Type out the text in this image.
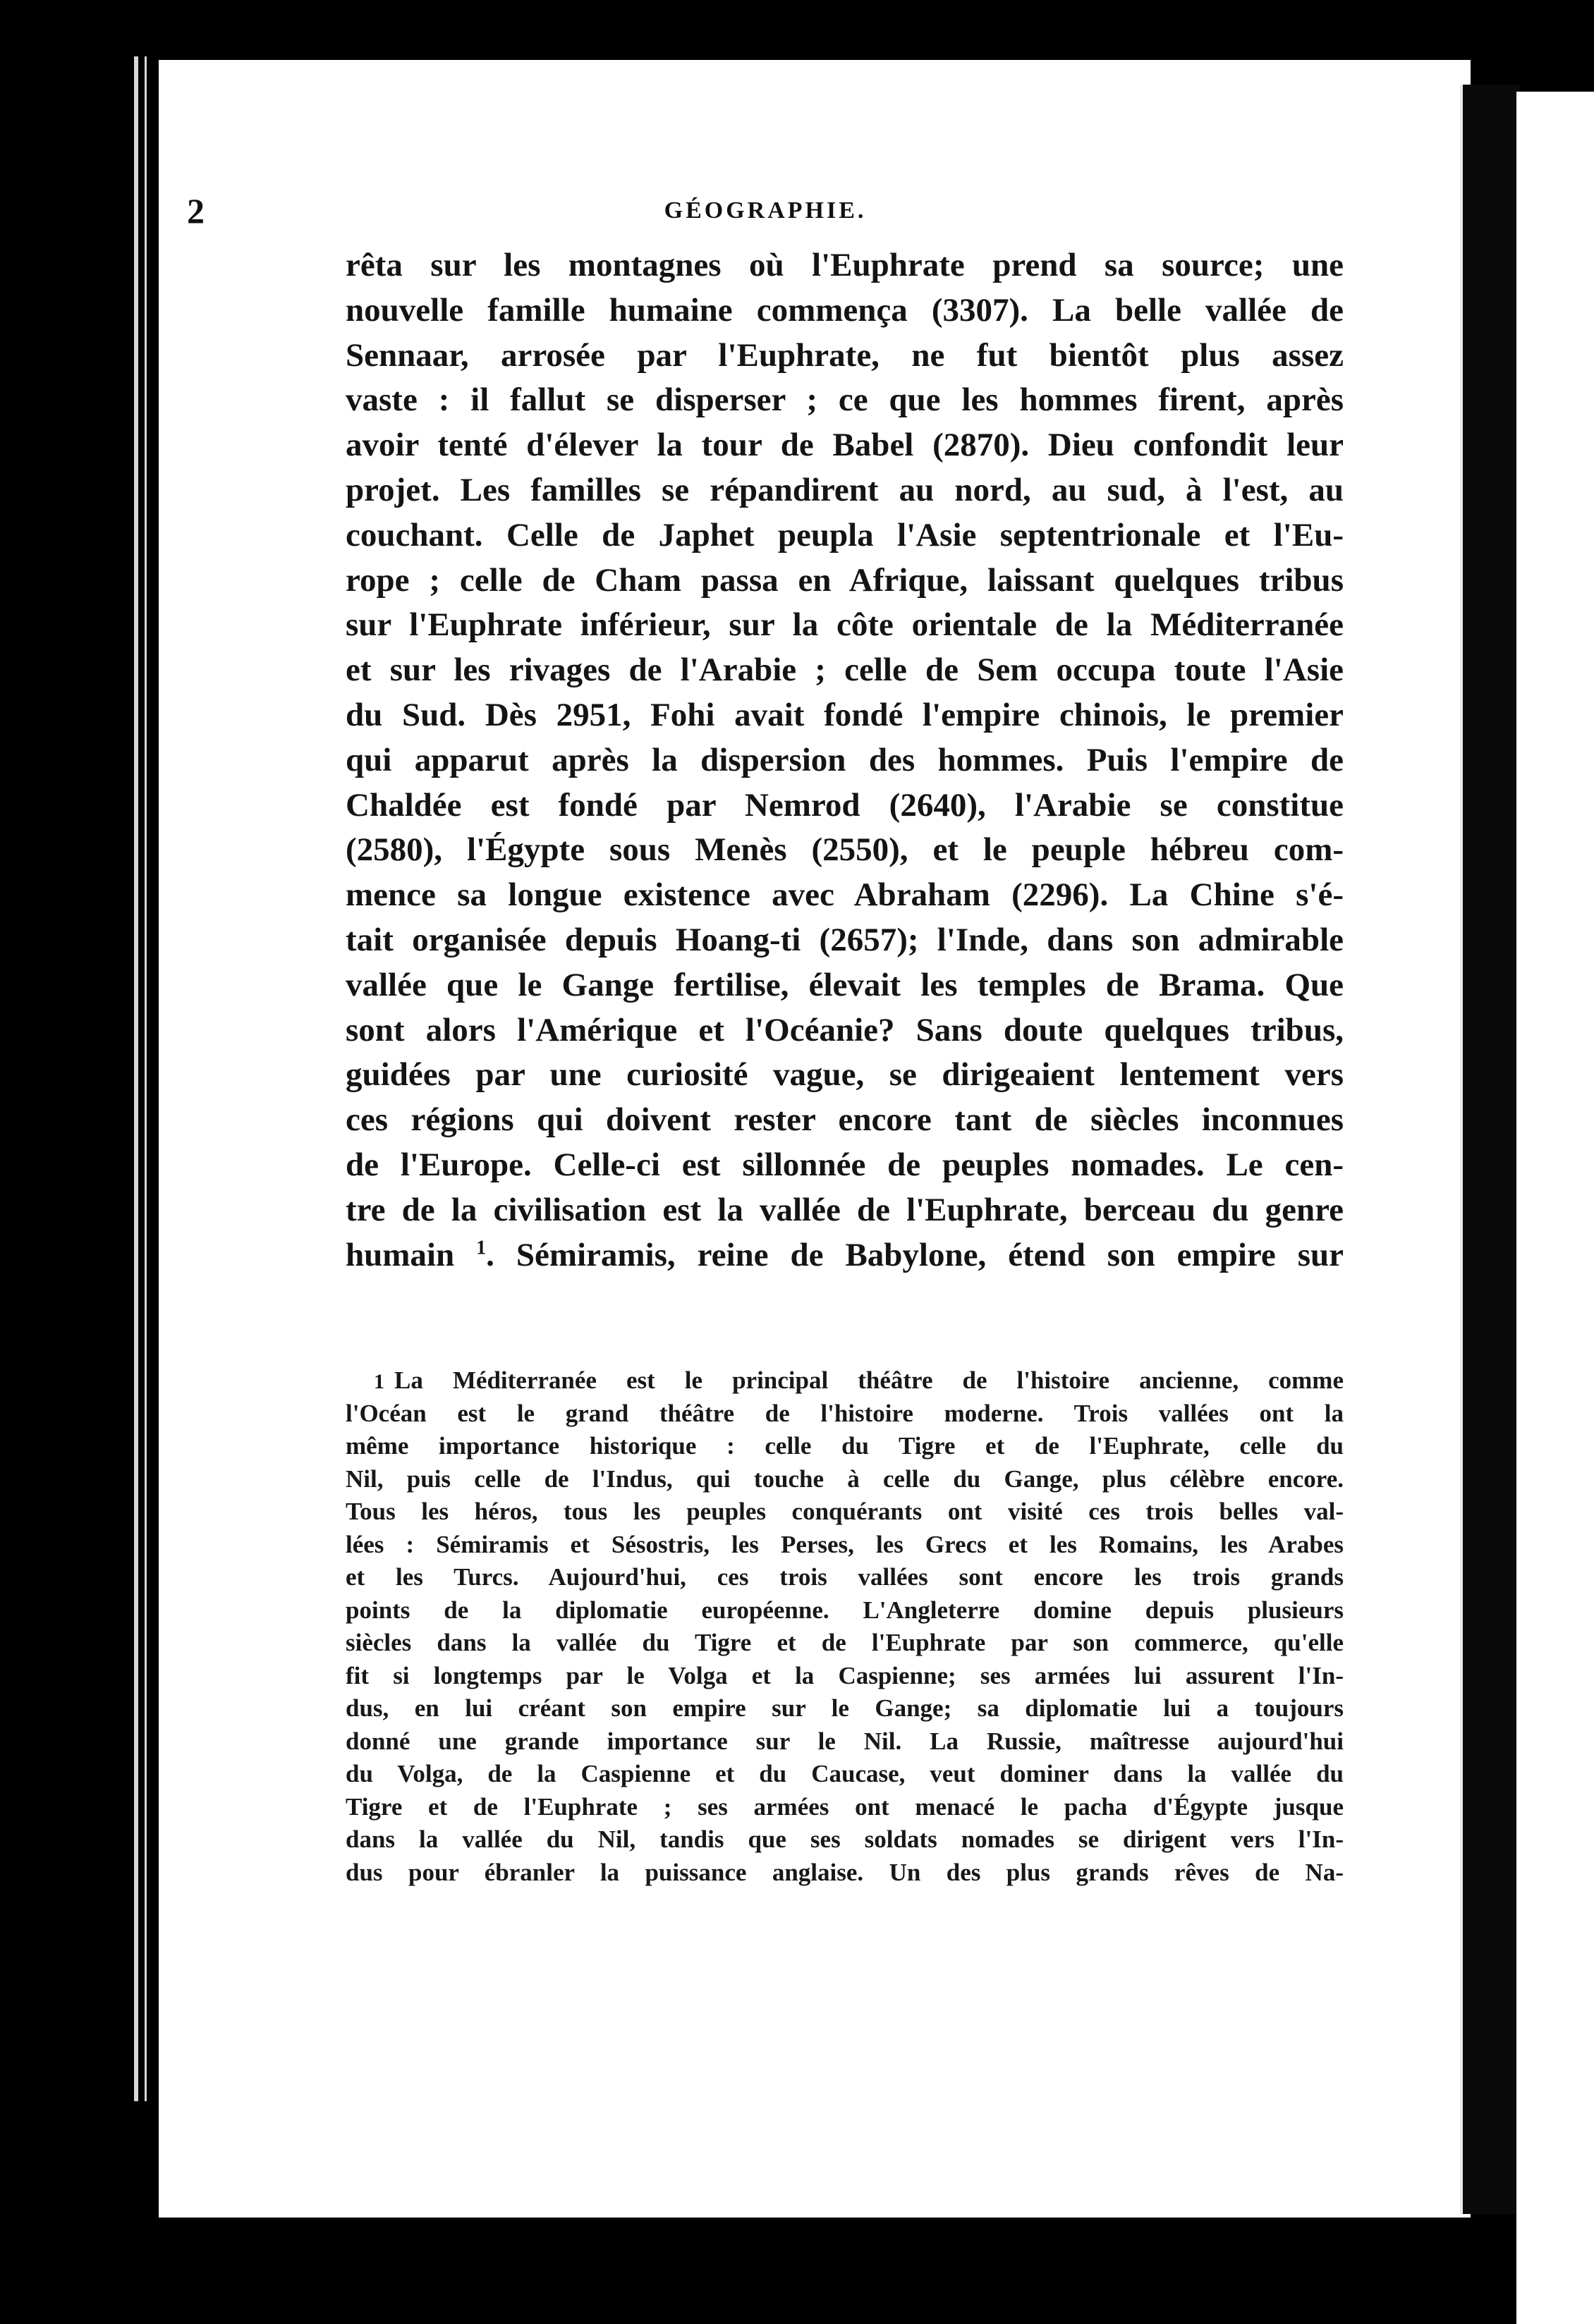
2	GÉOGRAPHIE.
rêta sur les montagnes où l'Euphrate prend sa source; une
nouvelle famille humaine commença (3307). La belle vallée de
Sennaar, arrosée par l'Euphrate, ne fut bientôt plus assez
vaste : il fallut se disperser ; ce que les hommes firent, après
avoir tenté d'élever la tour de Babel (2870). Dieu confondit leur
projet. Les familles se répandirent au nord, au sud, à l'est, au
couchant. Celle de Japhet peupla l'Asie septentrionale et l'Eu-
rope ; celle de Cham passa en Afrique, laissant quelques tribus
sur l'Euphrate inférieur, sur la côte orientale de la Méditerranée
et sur les rivages de l'Arabie ; celle de Sem occupa toute l'Asie
du Sud. Dès 2951, Fohi avait fondé l'empire chinois, le premier
qui apparut après la dispersion des hommes. Puis l'empire de
Chaldée est fondé par Nemrod (2640), l'Arabie se constitue
(2580), l'Égypte sous Menès (2550), et le peuple hébreu com-
mence sa longue existence avec Abraham (2296). La Chine s'é-
tait organisée depuis Hoang-ti (2657); l'Inde, dans son admirable
vallée que le Gange fertilise, élevait les temples de Brama. Que
sont alors l'Amérique et l'Océanie? Sans doute quelques tribus,
guidées par une curiosité vague, se dirigeaient lentement vers
ces régions qui doivent rester encore tant de siècles inconnues
de l'Europe. Celle-ci est sillonnée de peuples nomades. Le cen-
tre de la civilisation est la vallée de l'Euphrate, berceau du genre
humain $^1$. Sémiramis, reine de Babylone, étend son empire sur
1 La Méditerranée est le principal théâtre de l'histoire ancienne, comme
l'Océan est le grand théâtre de l'histoire moderne. Trois vallées ont la
même importance historique : celle du Tigre et de l'Euphrate, celle du
Nil, puis celle de l'Indus, qui touche à celle du Gange, plus célèbre encore.
Tous les héros, tous les peuples conquérants ont visité ces trois belles val-
lées : Sémiramis et Sésostris, les Perses, les Grecs et les Romains, les Arabes
et les Turcs. Aujourd'hui, ces trois vallées sont encore les trois grands
points de la diplomatie européenne. L'Angleterre domine depuis plusieurs
siècles dans la vallée du Tigre et de l'Euphrate par son commerce, qu'elle
fit si longtemps par le Volga et la Caspienne; ses armées lui assurent l'In-
dus, en lui créant son empire sur le Gange; sa diplomatie lui a toujours
donné une grande importance sur le Nil. La Russie, maîtresse aujourd'hui
du Volga, de la Caspienne et du Caucase, veut dominer dans la vallée du
Tigre et de l'Euphrate ; ses armées ont menacé le pacha d'Égypte jusque
dans la vallée du Nil, tandis que ses soldats nomades se dirigent vers l'In-
dus pour ébranler la puissance anglaise. Un des plus grands rêves de Na-
